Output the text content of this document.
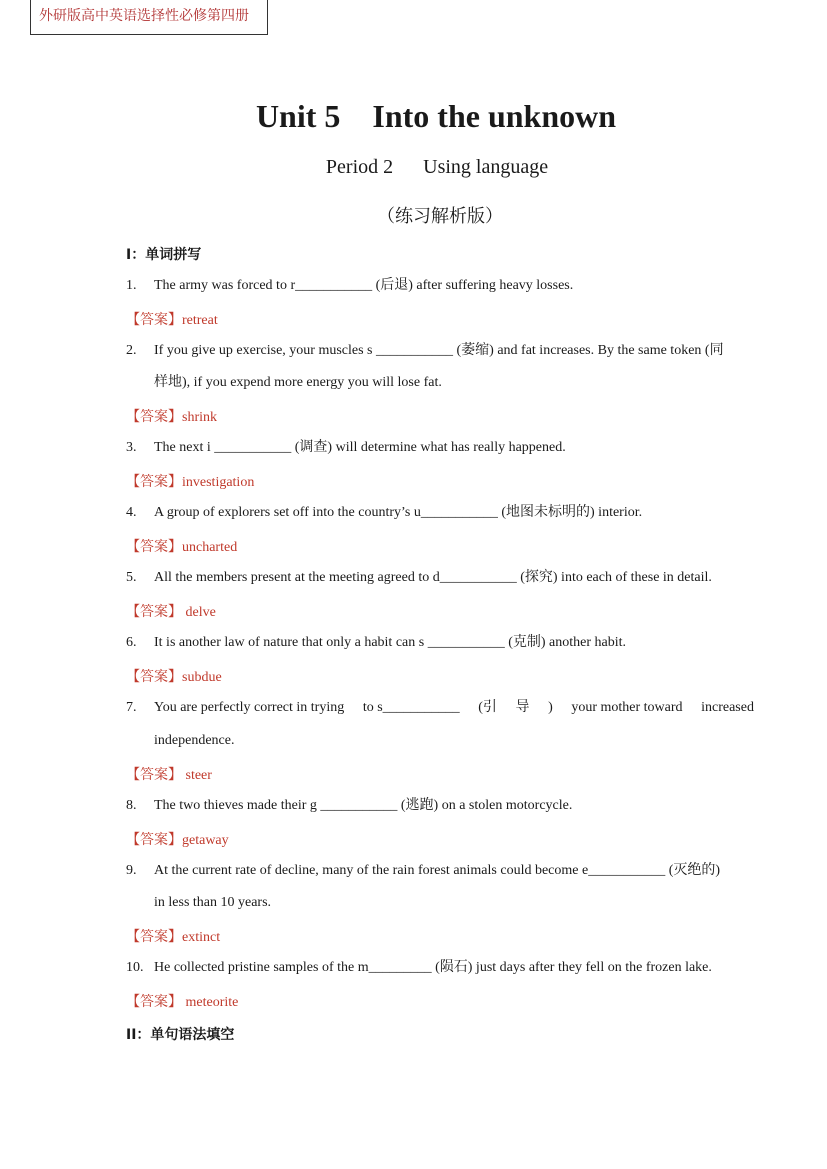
外研版高中英语选择性必修第四册
Unit 5    Into the unknown
Period 2      Using language
（练习解析版）
I：单词拼写
1. The army was forced to r___________ (后退) after suffering heavy losses.
【答案】retreat
2. If you give up exercise, your muscles s ___________ (萎缩) and fat increases. By the same token (同
样地), if you expend more energy you will lose fat.
【答案】shrink
3. The next i ___________ (调查) will determine what has really happened.
【答案】investigation
4. A group of explorers set off into the country’s u___________ (地图未标明的) interior.
【答案】uncharted
5. All the members present at the meeting agreed to d___________ (探究) into each of these in detail.
【答案】 delve
6. It is another law of nature that only a habit can s ___________ (克制) another habit.
【答案】subdue
7. You are perfectly correct in trying to s___________ (引 导 ) your mother toward increased
independence.
【答案】 steer
8. The two thieves made their g ___________ (逃跑) on a stolen motorcycle.
【答案】getaway
9. At the current rate of decline, many of the rain forest animals could become e___________ (灭绝的)
in less than 10 years.
【答案】extinct
10. He collected pristine samples of the m_________ (陨石) just days after they fell on the frozen lake.
【答案】 meteorite
II：单句语法填空
